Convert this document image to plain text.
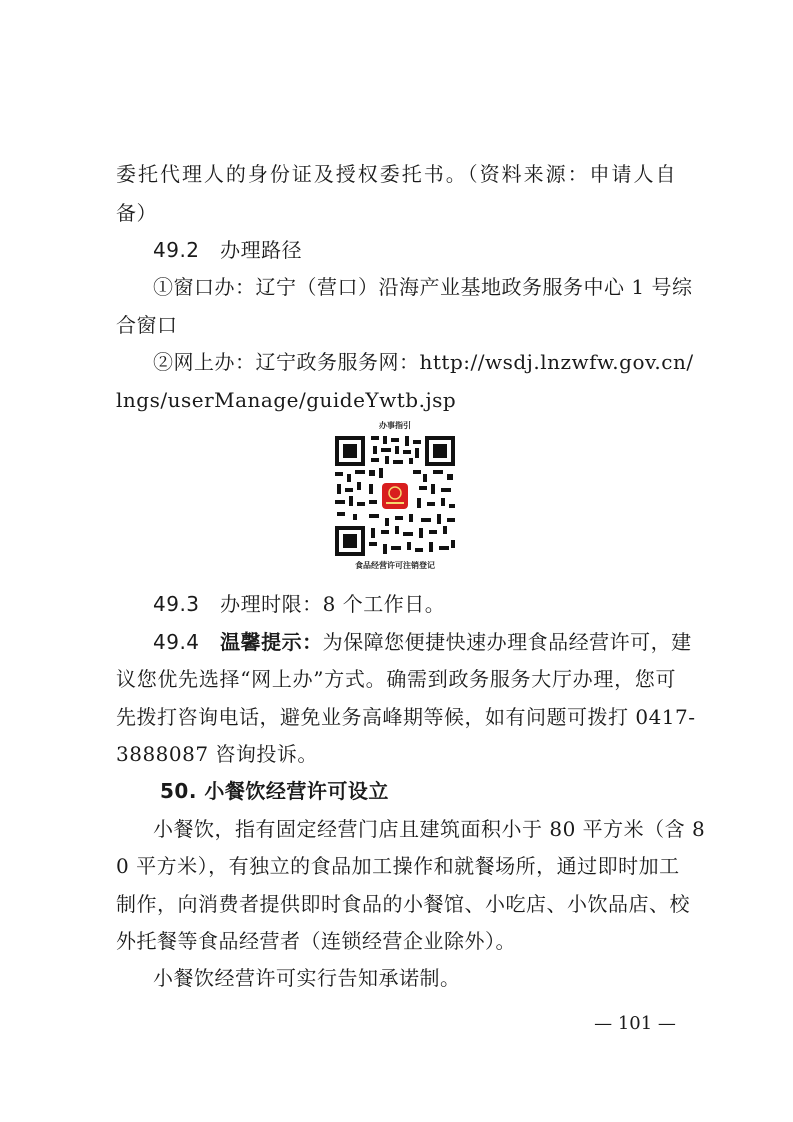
委托代理人的身份证及授权委托书。（资料来源：申请人自
备）
49.2 办理路径
①窗口办：辽宁（营口）沿海产业基地政务服务中心 1 号综
合窗口
②网上办：辽宁政务服务网：http://wsdj.lnzwfw.gov.cn/
lngs/userManage/guideYwtb.jsp
办事指引
食品经营许可注销登记
49.3 办理时限：8 个工作日。
49.4 温馨提示：为保障您便捷快速办理食品经营许可，建
议您优先选择“网上办”方式。确需到政务服务大厅办理，您可
先拨打咨询电话，避免业务高峰期等候，如有问题可拨打 0417-
3888087 咨询投诉。
50. 小餐饮经营许可设立
小餐饮，指有固定经营门店且建筑面积小于 80 平方米（含 8
0 平方米），有独立的食品加工操作和就餐场所，通过即时加工
制作，向消费者提供即时食品的小餐馆、小吃店、小饮品店、校
外托餐等食品经营者（连锁经营企业除外）。
小餐饮经营许可实行告知承诺制。
— 101 —
